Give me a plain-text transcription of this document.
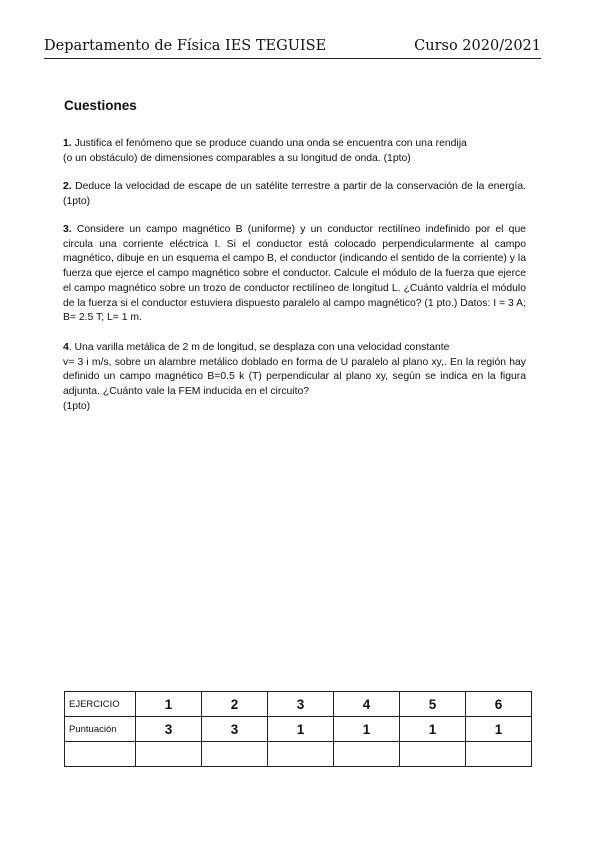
Departamento de Física IES TEGUISE	Curso 2020/2021
Cuestiones
1. Justifica el fenómeno que se produce cuando una onda se encuentra con una rendija
(o un obstáculo) de dimensiones comparables a su longitud de onda. (1pto)
2. Deduce la velocidad de escape de un satélite terrestre a partir de la conservación de la energía. (1pto)
3. Considere un campo magnético B (uniforme) y un conductor rectilíneo indefinido por el que circula una corriente eléctrica I. Si el conductor está colocado perpendicularmente al campo magnético, dibuje en un esquema el campo B, el conductor (indicando el sentido de la corriente) y la fuerza que ejerce el campo magnético sobre el conductor. Calcule el módulo de la fuerza que ejerce el campo magnético sobre un trozo de conductor rectilíneo de longitud L. ¿Cuánto valdría el módulo de la fuerza si el conductor estuviera dispuesto paralelo al campo magnético? (1 pto.) Datos: I = 3 A; B= 2.5 T; L= 1 m.
4. Una varilla metálica de 2 m de longitud, se desplaza con una velocidad constante
v= 3 i m/s, sobre un alambre metálico doblado en forma de U paralelo al plano xy,. En la región hay definido un campo magnético B=0.5 k (T) perpendicular al plano xy, según se indica en la figura adjunta. ¿Cuánto vale la FEM inducida en el circuito?
(1pto)
EJERCICIO	1	2	3	4	5	6
Puntuación	3	3	1	1	1	1
